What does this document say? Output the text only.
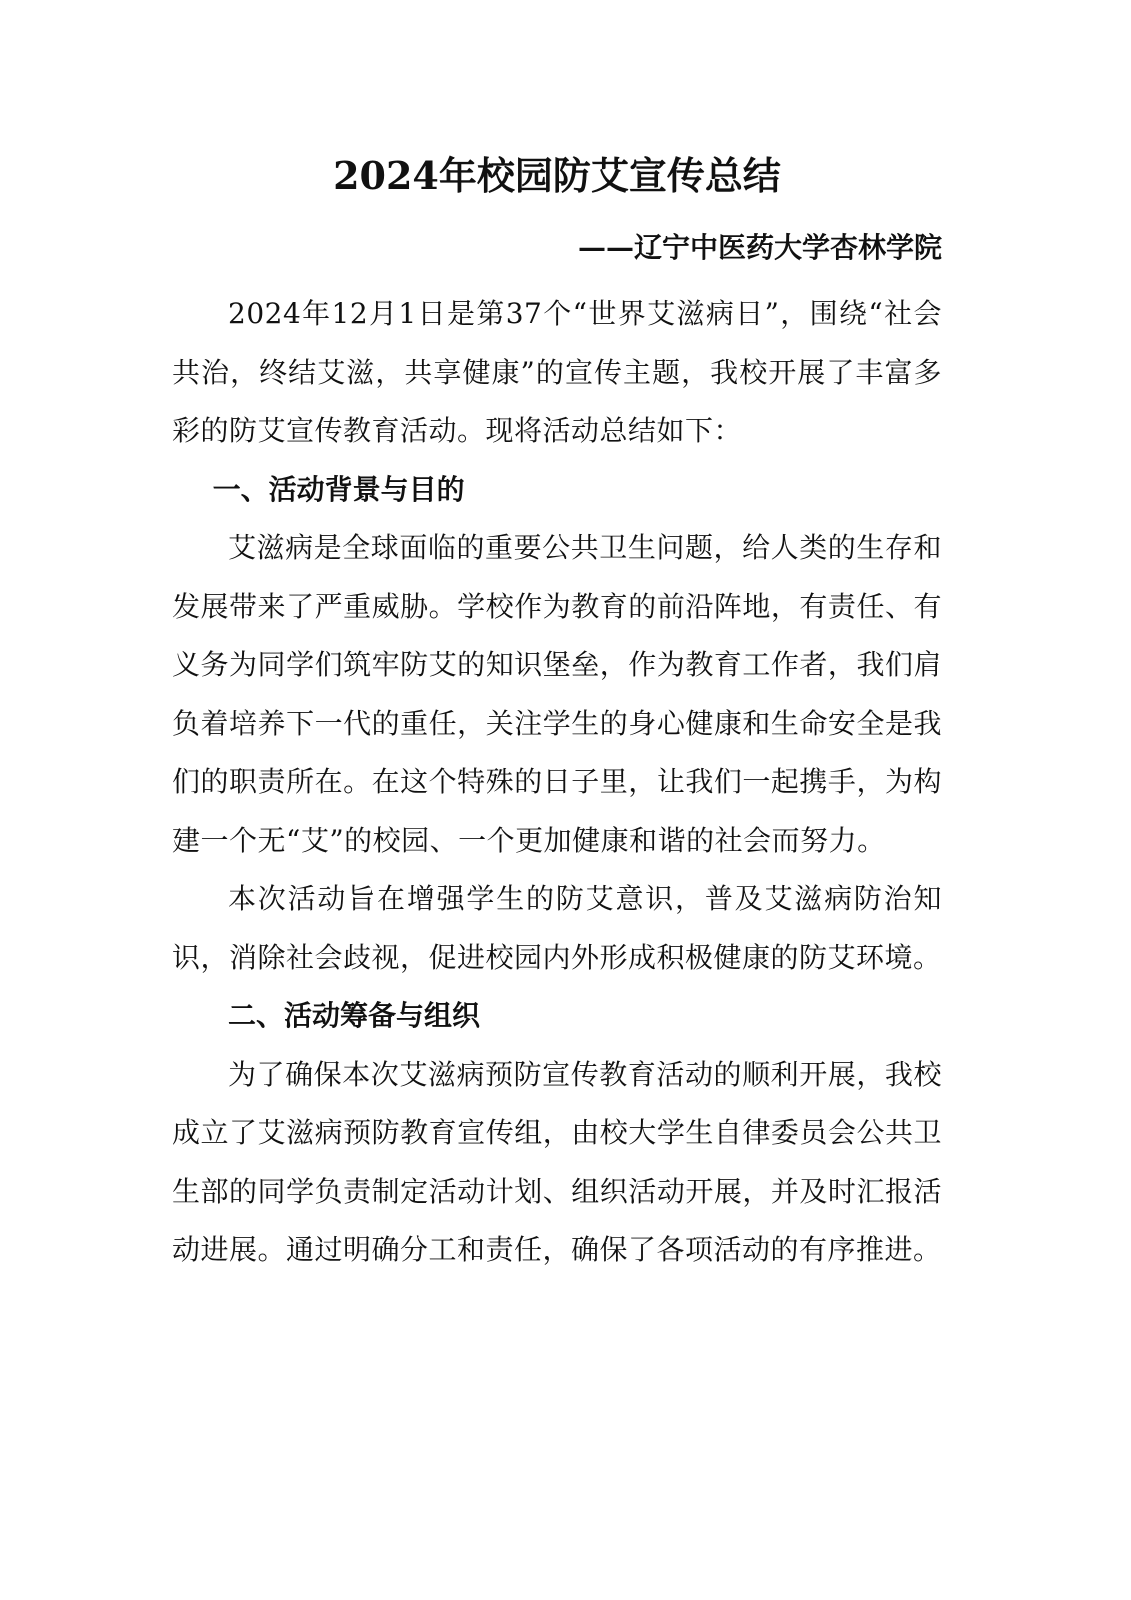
2024年校园防艾宣传总结

——辽宁中医药大学杏林学院

2024年12月1日是第37个“世界艾滋病日”，围绕“社会共治，终结艾滋，共享健康”的宣传主题，我校开展了丰富多彩的防艾宣传教育活动。现将活动总结如下：

一、活动背景与目的

艾滋病是全球面临的重要公共卫生问题，给人类的生存和发展带来了严重威胁。学校作为教育的前沿阵地，有责任、有义务为同学们筑牢防艾的知识堡垒，作为教育工作者，我们肩负着培养下一代的重任，关注学生的身心健康和生命安全是我们的职责所在。在这个特殊的日子里，让我们一起携手，为构建一个无“艾”的校园、一个更加健康和谐的社会而努力。

本次活动旨在增强学生的防艾意识，普及艾滋病防治知识，消除社会歧视，促进校园内外形成积极健康的防艾环境。

二、活动筹备与组织

为了确保本次艾滋病预防宣传教育活动的顺利开展，我校成立了艾滋病预防教育宣传组，由校大学生自律委员会公共卫生部的同学负责制定活动计划、组织活动开展，并及时汇报活动进展。通过明确分工和责任，确保了各项活动的有序推进。
